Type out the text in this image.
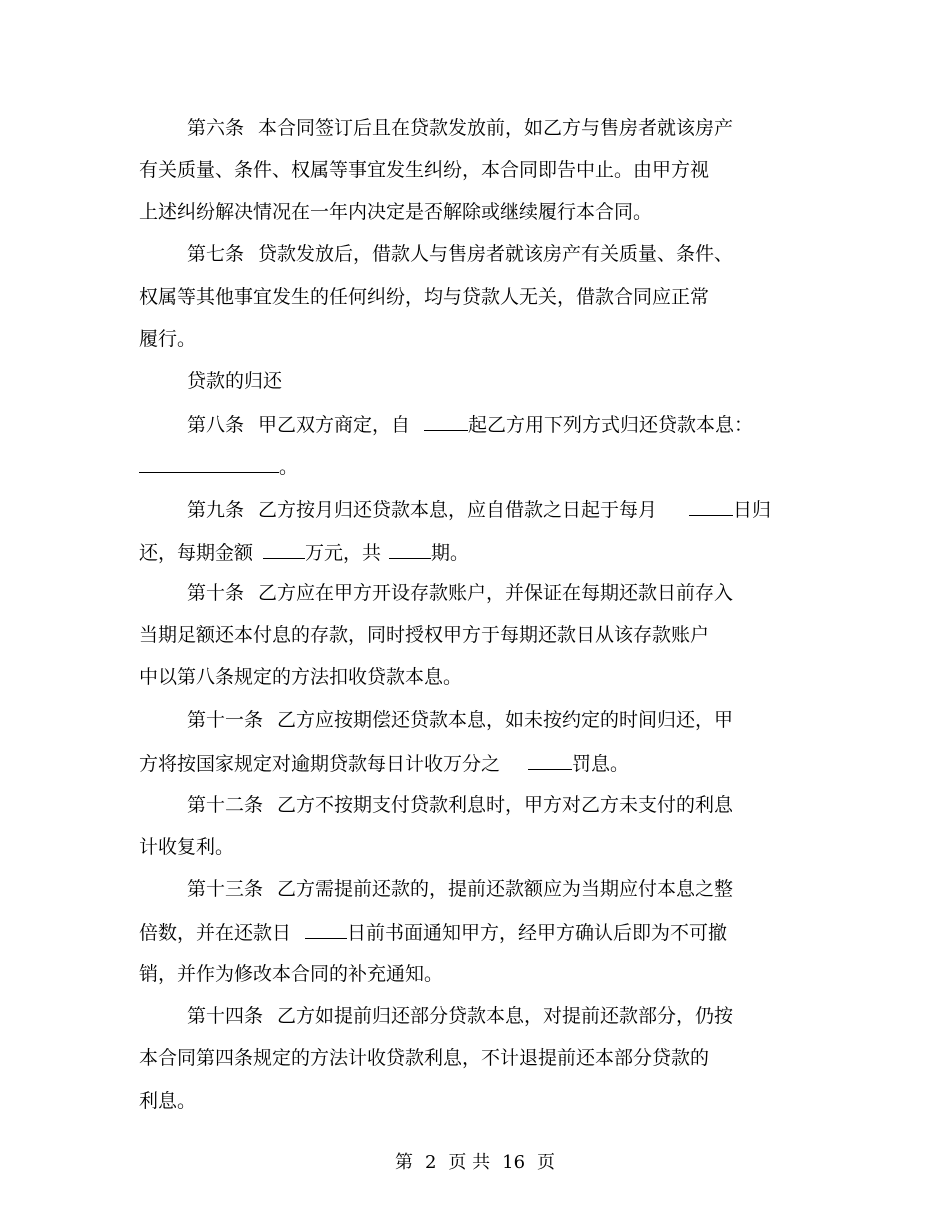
第六条 本合同签订后且在贷款发放前，如乙方与售房者就该房产
有关质量、条件、权属等事宜发生纠纷，本合同即告中止。由甲方视
上述纠纷解决情况在一年内决定是否解除或继续履行本合同。
第七条 贷款发放后，借款人与售房者就该房产有关质量、条件、
权属等其他事宜发生的任何纠纷，均与贷款人无关，借款合同应正常
履行。
贷款的归还
第八条 甲乙双方商定，自	起乙方用下列方式归还贷款本息：
。
第九条 乙方按月归还贷款本息，应自借款之日起于每月	日归
还，每期金额	万元，共	期。
第十条 乙方应在甲方开设存款账户，并保证在每期还款日前存入
当期足额还本付息的存款，同时授权甲方于每期还款日从该存款账户
中以第八条规定的方法扣收贷款本息。
第十一条 乙方应按期偿还贷款本息，如未按约定的时间归还，甲
方将按国家规定对逾期贷款每日计收万分之	罚息。
第十二条 乙方不按期支付贷款利息时，甲方对乙方未支付的利息
计收复利。
第十三条 乙方需提前还款的，提前还款额应为当期应付本息之整
倍数，并在还款日	日前书面通知甲方，经甲方确认后即为不可撤
销，并作为修改本合同的补充通知。
第十四条 乙方如提前归还部分贷款本息，对提前还款部分，仍按
本合同第四条规定的方法计收贷款利息，不计退提前还本部分贷款的
利息。
第 2 页 共 16 页
